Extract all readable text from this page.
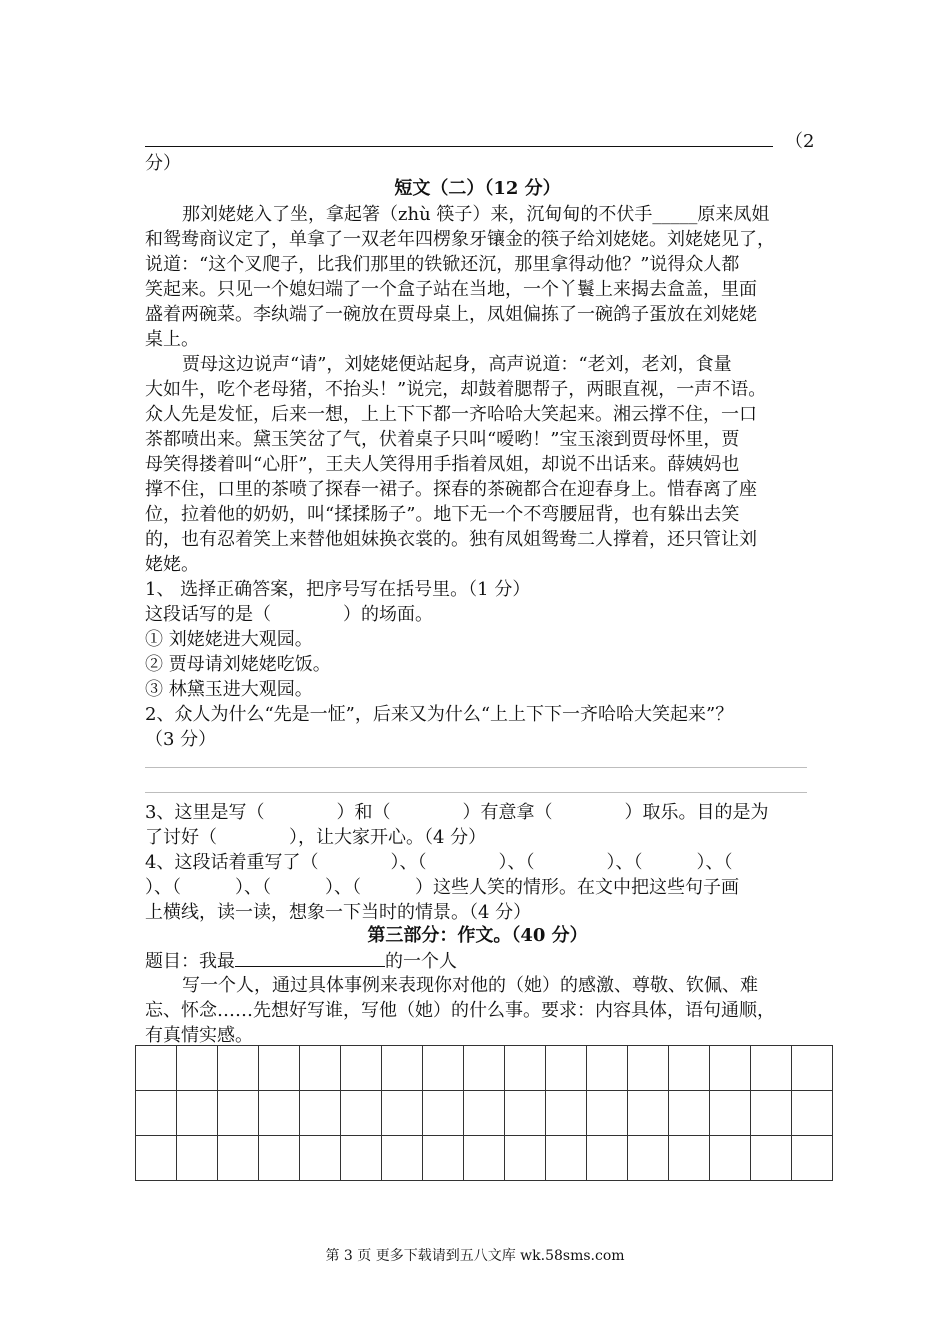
（2
分）
短文（二）（12 分）
那刘姥姥入了坐，拿起箸（zhù 筷子）来，沉甸甸的不伏手_____原来凤姐
和鸳鸯商议定了，单拿了一双老年四楞象牙镶金的筷子给刘姥姥。刘姥姥见了，
说道：“这个叉爬子，比我们那里的铁锨还沉，那里拿得动他？”说得众人都
笑起来。只见一个媳妇端了一个盒子站在当地，一个丫鬟上来揭去盒盖，里面
盛着两碗菜。李纨端了一碗放在贾母桌上，凤姐偏拣了一碗鸽子蛋放在刘姥姥
桌上。
贾母这边说声“请”，刘姥姥便站起身，高声说道：“老刘，老刘，食量
大如牛，吃个老母猪，不抬头！”说完，却鼓着腮帮子，两眼直视，一声不语。
众人先是发怔，后来一想，上上下下都一齐哈哈大笑起来。湘云撑不住，一口
茶都喷出来。黛玉笑岔了气，伏着桌子只叫“嗳哟！”宝玉滚到贾母怀里，贾
母笑得搂着叫“心肝”，王夫人笑得用手指着凤姐，却说不出话来。薛姨妈也
撑不住，口里的茶喷了探春一裙子。探春的茶碗都合在迎春身上。惜春离了座
位，拉着他的奶奶，叫“揉揉肠子”。地下无一个不弯腰屈背，也有躲出去笑
的，也有忍着笑上来替他姐妹换衣裳的。独有凤姐鸳鸯二人撑着，还只管让刘
姥姥。
1、 选择正确答案，把序号写在括号里。（1 分）
这段话写的是（　　　　）的场面。
① 刘姥姥进大观园。
② 贾母请刘姥姥吃饭。
③ 林黛玉进大观园。
2、众人为什么“先是一怔”，后来又为什么“上上下下一齐哈哈大笑起来”？
（3 分）
3、这里是写（　　　　）和（　　　　）有意拿（　　　　）取乐。目的是为
了讨好（　　　　），让大家开心。（4 分）
4、这段话着重写了（　　　　）、（　　　　）、（　　　　）、（　　　）、（
）、（　　　）、（　　　）、（　　　）这些人笑的情形。在文中把这些句子画
上横线，读一读，想象一下当时的情景。（4 分）
第三部分：作文。（40 分）
题目：我最	的一个人
写一个人，通过具体事例来表现你对他的（她）的感激、尊敬、钦佩、难
忘、怀念……先想好写谁，写他（她）的什么事。要求：内容具体，语句通顺，
有真情实感。

第 3 页 更多下载请到五八文库 wk.58sms.com
